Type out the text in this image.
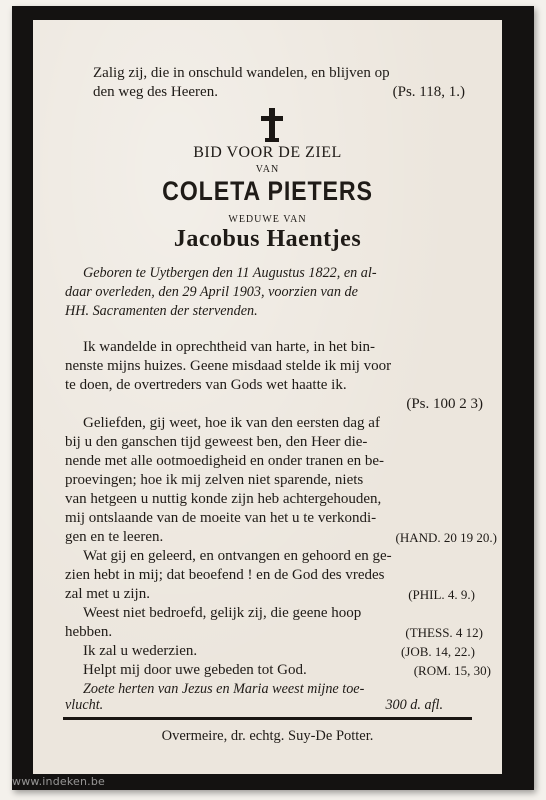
Zalig zij, die in onschuld wandelen, en blijven op
den weg des Heeren.	(Ps. 118, 1.)
BID VOOR DE ZIEL
VAN
COLETA PIETERS
WEDUWE VAN
Jacobus Haentjes
Geboren te Uytbergen den 11 Augustus 1822, en al-
daar overleden, den 29 April 1903, voorzien van de
HH. Sacramenten der stervenden.
Ik wandelde in oprechtheid van harte, in het bin-
nenste mijns huizes. Geene misdaad stelde ik mij voor
te doen, de overtreders van Gods wet haatte ik.
(Ps. 100 2 3)
Geliefden, gij weet, hoe ik van den eersten dag af
bij u den ganschen tijd geweest ben, den Heer die-
nende met alle ootmoedigheid en onder tranen en be-
proevingen; hoe ik mij zelven niet sparende, niets
van hetgeen u nuttig konde zijn heb achtergehouden,
mij ontslaande van de moeite van het u te verkondi-
gen en te leeren.	(HAND. 20 19 20.)
Wat gij en geleerd, en ontvangen en gehoord en ge-
zien hebt in mij; dat beoefend ! en de God des vredes
zal met u zijn.	(PHIL. 4. 9.)
Weest niet bedroefd, gelijk zij, die geene hoop
hebben.	(THESS. 4 12)
Ik zal u wederzien.	(JOB. 14, 22.)
Helpt mij door uwe gebeden tot God.	(ROM. 15, 30)
Zoete herten van Jezus en Maria weest mijne toe-
vlucht.	300 d. afl.
Overmeire, dr. echtg. Suy-De Potter.
www.indeken.be
